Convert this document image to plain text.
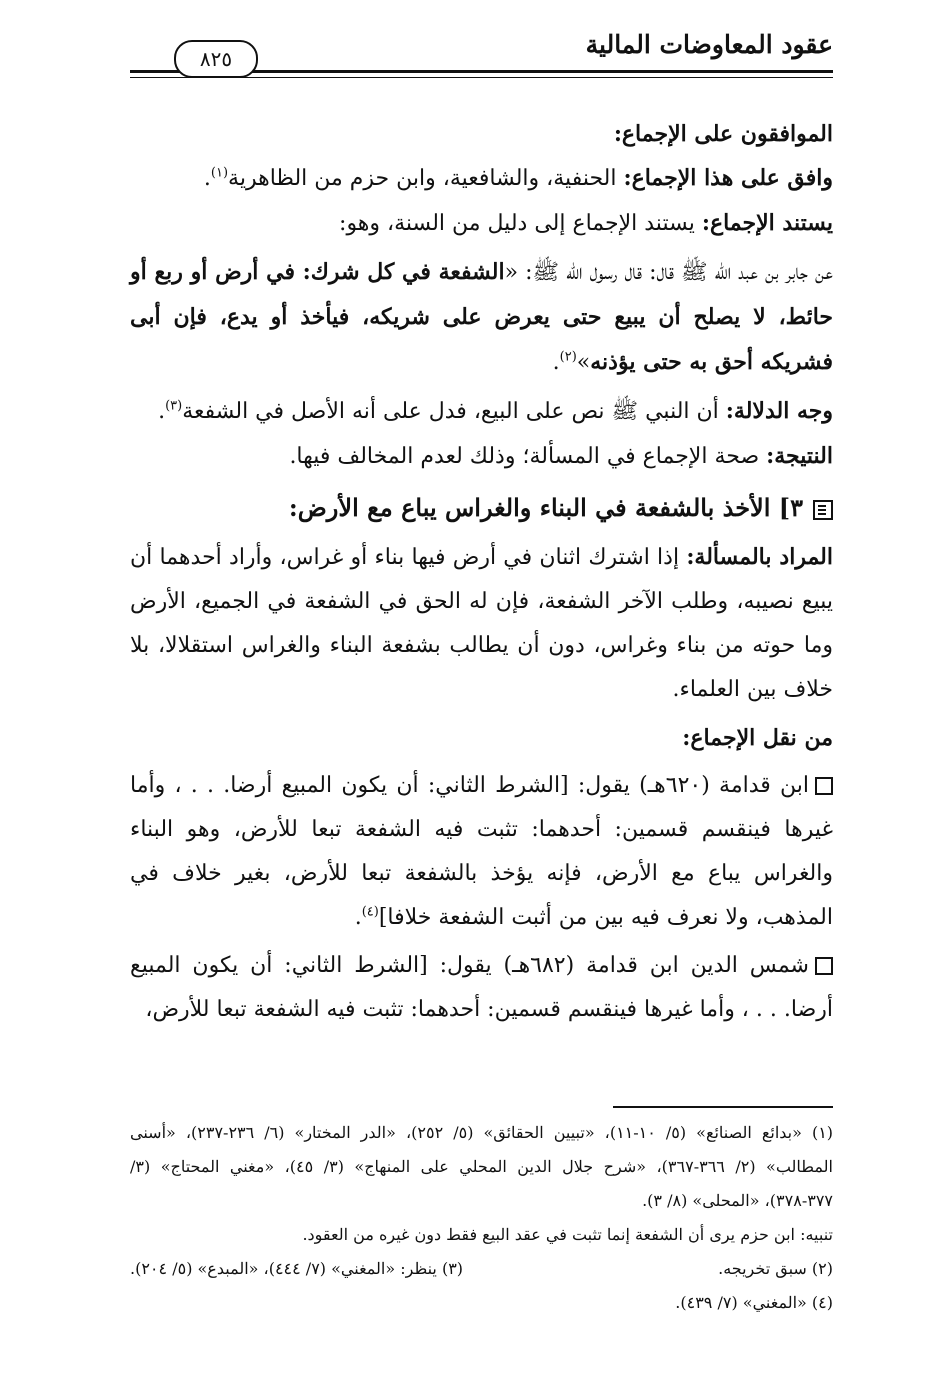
عقود المعاوضات المالية
٨٢٥

الموافقون على الإجماع:

وافق على هذا الإجماع: الحنفية، والشافعية، وابن حزم من الظاهرية$^{(١)}$.

يستند الإجماع: يستند الإجماع إلى دليل من السنة، وهو:

عن جابر بن عبد الله ﷺ قال: قال رسول الله ﷺ: «الشفعة في كل شرك: في أرض أو ربع أو حائط، لا يصلح أن يبيع حتى يعرض على شريكه، فيأخذ أو يدع، فإن أبى فشريكه أحق به حتى يؤذنه»$^{(٢)}$.

وجه الدلالة: أن النبي ﷺ نص على البيع، فدل على أنه الأصل في الشفعة$^{(٣)}$.

النتيجة: صحة الإجماع في المسألة؛ وذلك لعدم المخالف فيها.

٣] الأخذ بالشفعة في البناء والغراس يباع مع الأرض:

المراد بالمسألة: إذا اشترك اثنان في أرض فيها بناء أو غراس، وأراد أحدهما أن يبيع نصيبه، وطلب الآخر الشفعة، فإن له الحق في الشفعة في الجميع، الأرض وما حوته من بناء وغراس، دون أن يطالب بشفعة البناء والغراس استقلالا، بلا خلاف بين العلماء.

من نقل الإجماع:

ابن قدامة (٦٢٠هـ) يقول: [الشرط الثاني: أن يكون المبيع أرضا. . . ، وأما غيرها فينقسم قسمين: أحدهما: تثبت فيه الشفعة تبعا للأرض، وهو البناء والغراس يباع مع الأرض، فإنه يؤخذ بالشفعة تبعا للأرض، بغير خلاف في المذهب، ولا نعرف فيه بين من أثبت الشفعة خلافا]$^{(٤)}$.

شمس الدين ابن قدامة (٦٨٢هـ) يقول: [الشرط الثاني: أن يكون المبيع أرضا. . . ، وأما غيرها فينقسم قسمين: أحدهما: تثبت فيه الشفعة تبعا للأرض،

(١) «بدائع الصنائع» (٥/ ١٠-١١)، «تبيين الحقائق» (٥/ ٢٥٢)، «الدر المختار» (٦/ ٢٣٦-٢٣٧)، «أسنى المطالب» (٢/ ٣٦٦-٣٦٧)، «شرح جلال الدين المحلي على المنهاج» (٣/ ٤٥)، «مغني المحتاج» (٣/ ٣٧٧-٣٧٨)، «المحلى» (٨/ ٣).

تنبيه: ابن حزم يرى أن الشفعة إنما تثبت في عقد البيع فقط دون غيره من العقود.

(٢) سبق تخريجه.
(٣) ينظر: «المغني» (٧/ ٤٤٤)، «المبدع» (٥/ ٢٠٤).

(٤) «المغني» (٧/ ٤٣٩).
